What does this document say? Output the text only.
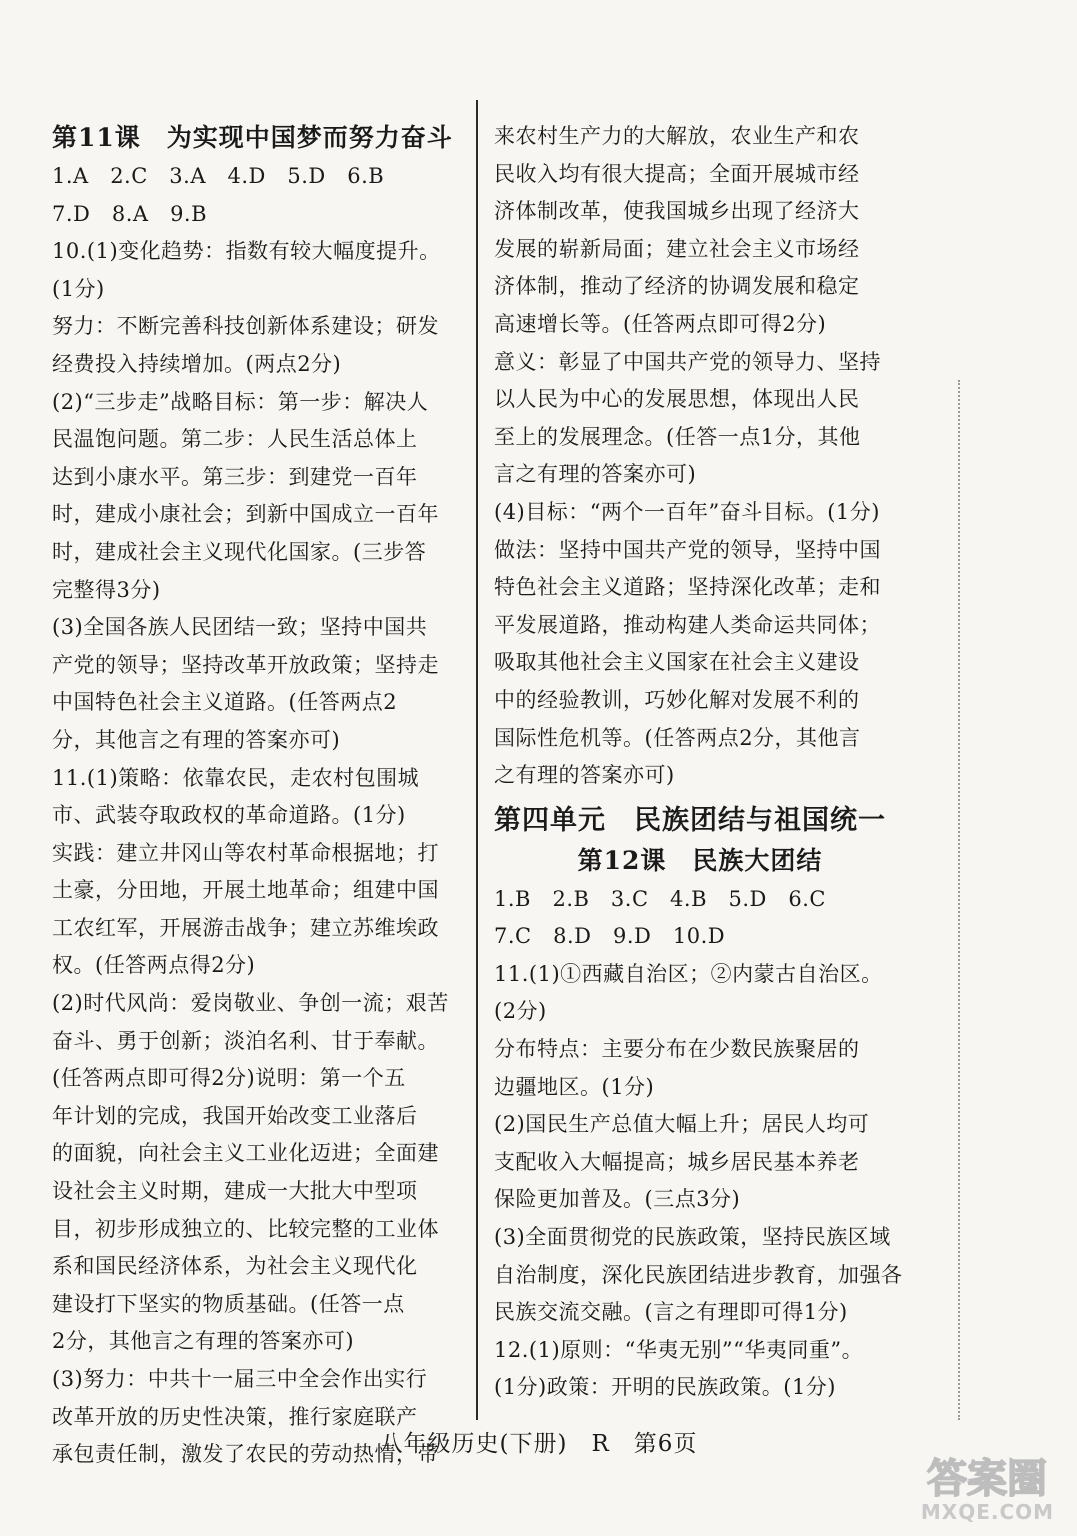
第11课　为实现中国梦而努力奋斗
1.A　2.C　3.A　4.D　5.D　6.B
7.D　8.A　9.B
10.(1)变化趋势：指数有较大幅度提升。
(1分)
努力：不断完善科技创新体系建设；研发
经费投入持续增加。(两点2分)
(2)“三步走”战略目标：第一步：解决人
民温饱问题。第二步：人民生活总体上
达到小康水平。第三步：到建党一百年
时，建成小康社会；到新中国成立一百年
时，建成社会主义现代化国家。(三步答
完整得3分)
(3)全国各族人民团结一致；坚持中国共
产党的领导；坚持改革开放政策；坚持走
中国特色社会主义道路。(任答两点2
分，其他言之有理的答案亦可)
11.(1)策略：依靠农民，走农村包围城
市、武装夺取政权的革命道路。(1分)
实践：建立井冈山等农村革命根据地；打
土豪，分田地，开展土地革命；组建中国
工农红军，开展游击战争；建立苏维埃政
权。(任答两点得2分)
(2)时代风尚：爱岗敬业、争创一流；艰苦
奋斗、勇于创新；淡泊名利、甘于奉献。
(任答两点即可得2分)说明：第一个五
年计划的完成，我国开始改变工业落后
的面貌，向社会主义工业化迈进；全面建
设社会主义时期，建成一大批大中型项
目，初步形成独立的、比较完整的工业体
系和国民经济体系，为社会主义现代化
建设打下坚实的物质基础。(任答一点
2分，其他言之有理的答案亦可)
(3)努力：中共十一届三中全会作出实行
改革开放的历史性决策，推行家庭联产
承包责任制，激发了农民的劳动热情，带
来农村生产力的大解放，农业生产和农
民收入均有很大提高；全面开展城市经
济体制改革，使我国城乡出现了经济大
发展的崭新局面；建立社会主义市场经
济体制，推动了经济的协调发展和稳定
高速增长等。(任答两点即可得2分)
意义：彰显了中国共产党的领导力、坚持
以人民为中心的发展思想，体现出人民
至上的发展理念。(任答一点1分，其他
言之有理的答案亦可)
(4)目标：“两个一百年”奋斗目标。(1分)
做法：坚持中国共产党的领导，坚持中国
特色社会主义道路；坚持深化改革；走和
平发展道路，推动构建人类命运共同体；
吸取其他社会主义国家在社会主义建设
中的经验教训，巧妙化解对发展不利的
国际性危机等。(任答两点2分，其他言
之有理的答案亦可)
第四单元　民族团结与祖国统一
第12课　民族大团结
1.B　2.B　3.C　4.B　5.D　6.C
7.C　8.D　9.D　10.D
11.(1)①西藏自治区；②内蒙古自治区。
(2分)
分布特点：主要分布在少数民族聚居的
边疆地区。(1分)
(2)国民生产总值大幅上升；居民人均可
支配收入大幅提高；城乡居民基本养老
保险更加普及。(三点3分)
(3)全面贯彻党的民族政策，坚持民族区域
自治制度，深化民族团结进步教育，加强各
民族交流交融。(言之有理即可得1分)
12.(1)原则：“华夷无别”“华夷同重”。
(1分)政策：开明的民族政策。(1分)
八年级历史(下册)　R　第6页
答案圈
MXQE.COM
